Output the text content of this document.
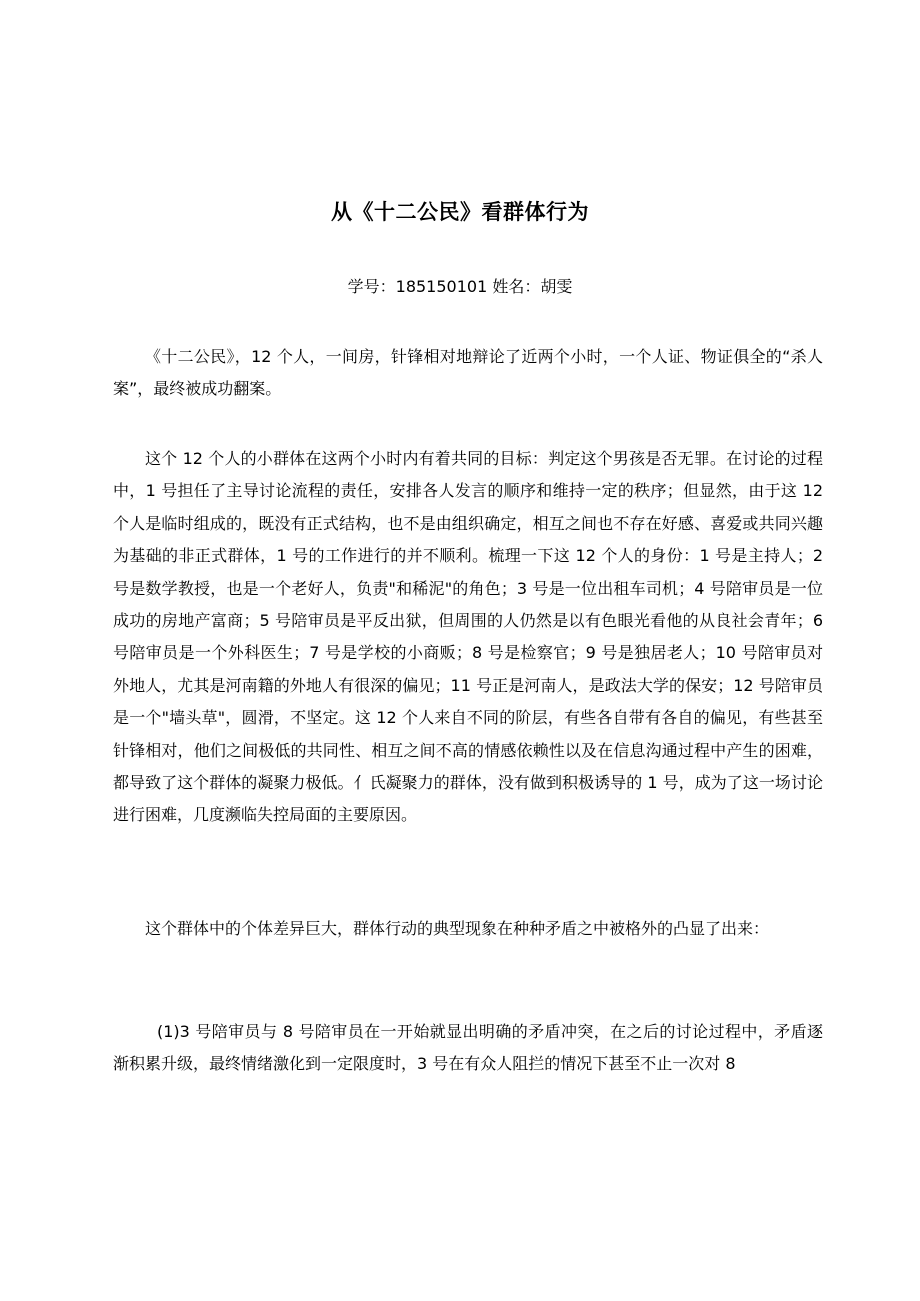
从《十二公民》看群体行为
学号：185150101 姓名：胡雯

《十二公民》，12 个人，一间房，针锋相对地辩论了近两个小时，一个人证、物证俱全的“杀人案”，最终被成功翻案。

这个 12 个人的小群体在这两个小时内有着共同的目标：判定这个男孩是否无罪。在讨论的过程中，1 号担任了主导讨论流程的责任，安排各人发言的顺序和维持一定的秩序；但显然，由于这 12 个人是临时组成的，既没有正式结构，也不是由组织确定，相互之间也不存在好感、喜爱或共同兴趣为基础的非正式群体，1 号的工作进行的并不顺利。梳理一下这 12 个人的身份：1 号是主持人；2 号是数学教授，也是一个老好人，负责"和稀泥"的角色；3 号是一位出租车司机；4 号陪审员是一位成功的房地产富商；5 号陪审员是平反出狱，但周围的人仍然是以有色眼光看他的从良社会青年；6 号陪审员是一个外科医生；7 号是学校的小商贩；8 号是检察官；9 号是独居老人；10 号陪审员对外地人，尤其是河南籍的外地人有很深的偏见；11 号正是河南人，是政法大学的保安；12 号陪审员是一个"墙头草"，圆滑，不坚定。这 12 个人来自不同的阶层，有些各自带有各自的偏见，有些甚至针锋相对，他们之间极低的共同性、相互之间不高的情感依赖性以及在信息沟通过程中产生的困难，都导致了这个群体的凝聚力极低。亻氏凝聚力的群体，没有做到积极诱导的 1 号，成为了这一场讨论进行困难，几度濒临失控局面的主要原因。

这个群体中的个体差异巨大，群体行动的典型现象在种种矛盾之中被格外的凸显了出来：

(1)3 号陪审员与 8 号陪审员在一开始就显出明确的矛盾冲突，在之后的讨论过程中，矛盾逐渐积累升级，最终情绪激化到一定限度时，3 号在有众人阻拦的情况下甚至不止一次对 8
